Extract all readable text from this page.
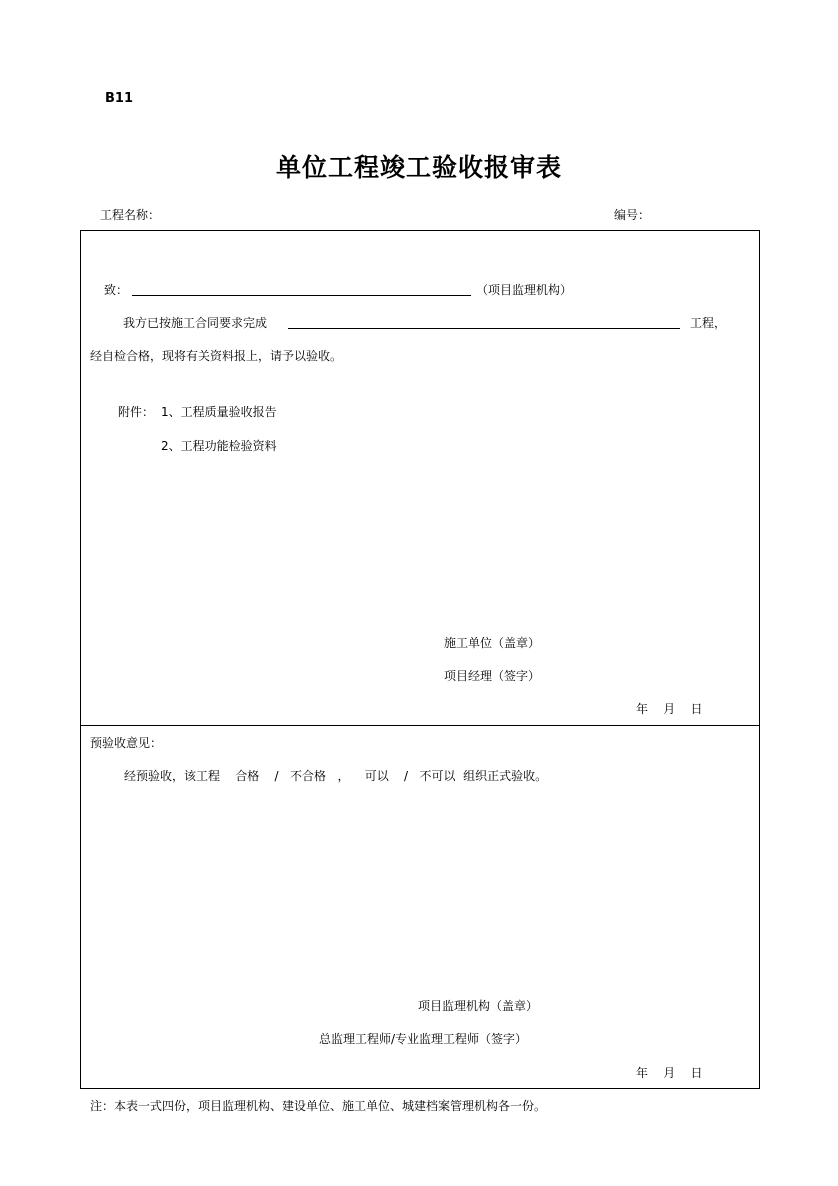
B11
单位工程竣工验收报审表
工程名称：	编号：
致：	（项目监理机构）
我方已按施工合同要求完成	工程，
经自检合格，现将有关资料报上，请予以验收。
附件： 1、工程质量验收报告
2、工程功能检验资料
施工单位（盖章）
项目经理（签字）
年    月    日
预验收意见：
经预验收，该工程    合格    /   不合格   ，    可以    /   不可以  组织正式验收。
项目监理机构（盖章）
总监理工程师/专业监理工程师（签字）
年    月    日
注：本表一式四份，项目监理机构、建设单位、施工单位、城建档案管理机构各一份。
